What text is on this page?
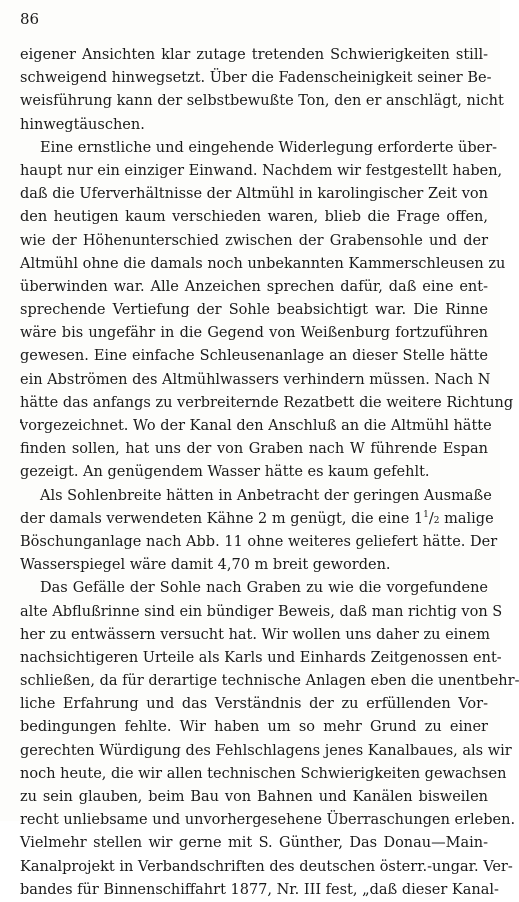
86
eigener Ansichten klar zutage tretenden Schwierigkeiten still-
schweigend hinwegsetzt. Über die Fadenscheinigkeit seiner Be-
weisführung kann der selbstbewußte Ton, den er anschlägt, nicht
hinwegtäuschen.
Eine ernstliche und eingehende Widerlegung erforderte über-
haupt nur ein einziger Einwand. Nachdem wir festgestellt haben,
daß die Uferverhältnisse der Altmühl in karolingischer Zeit von
den heutigen kaum verschieden waren, blieb die Frage offen,
wie der Höhenunterschied zwischen der Grabensohle und der
Altmühl ohne die damals noch unbekannten Kammerschleusen zu
überwinden war. Alle Anzeichen sprechen dafür, daß eine ent-
sprechende Vertiefung der Sohle beabsichtigt war. Die Rinne
wäre bis ungefähr in die Gegend von Weißenburg fortzuführen
gewesen. Eine einfache Schleusenanlage an dieser Stelle hätte
ein Abströmen des Altmühlwassers verhindern müssen. Nach N
hätte das anfangs zu verbreiternde Rezatbett die weitere Richtung
vorgezeichnet. Wo der Kanal den Anschluß an die Altmühl hätte
finden sollen, hat uns der von Graben nach W führende Espan
gezeigt. An genügendem Wasser hätte es kaum gefehlt.
Als Sohlenbreite hätten in Anbetracht der geringen Ausmaße
der damals verwendeten Kähne 2 m genügt, die eine $1^1/2$ malige
Böschunganlage nach Abb. 11 ohne weiteres geliefert hätte. Der
Wasserspiegel wäre damit 4,70 m breit geworden.
Das Gefälle der Sohle nach Graben zu wie die vorgefundene
alte Abflußrinne sind ein bündiger Beweis, daß man richtig von S
her zu entwässern versucht hat. Wir wollen uns daher zu einem
nachsichtigeren Urteile als Karls und Einhards Zeitgenossen ent-
schließen, da für derartige technische Anlagen eben die unentbehr-
liche Erfahrung und das Verständnis der zu erfüllenden Vor-
bedingungen fehlte. Wir haben um so mehr Grund zu einer
gerechten Würdigung des Fehlschlagens jenes Kanalbaues, als wir
noch heute, die wir allen technischen Schwierigkeiten gewachsen
zu sein glauben, beim Bau von Bahnen und Kanälen bisweilen
recht unliebsame und unvorhergesehene Überraschungen erleben.
Vielmehr stellen wir gerne mit S. Günther, Das Donau—Main-
Kanalprojekt in Verbandschriften des deutschen österr.-ungar. Ver-
bandes für Binnenschiffahrt 1877, Nr. III fest, „daß dieser Kanal-
